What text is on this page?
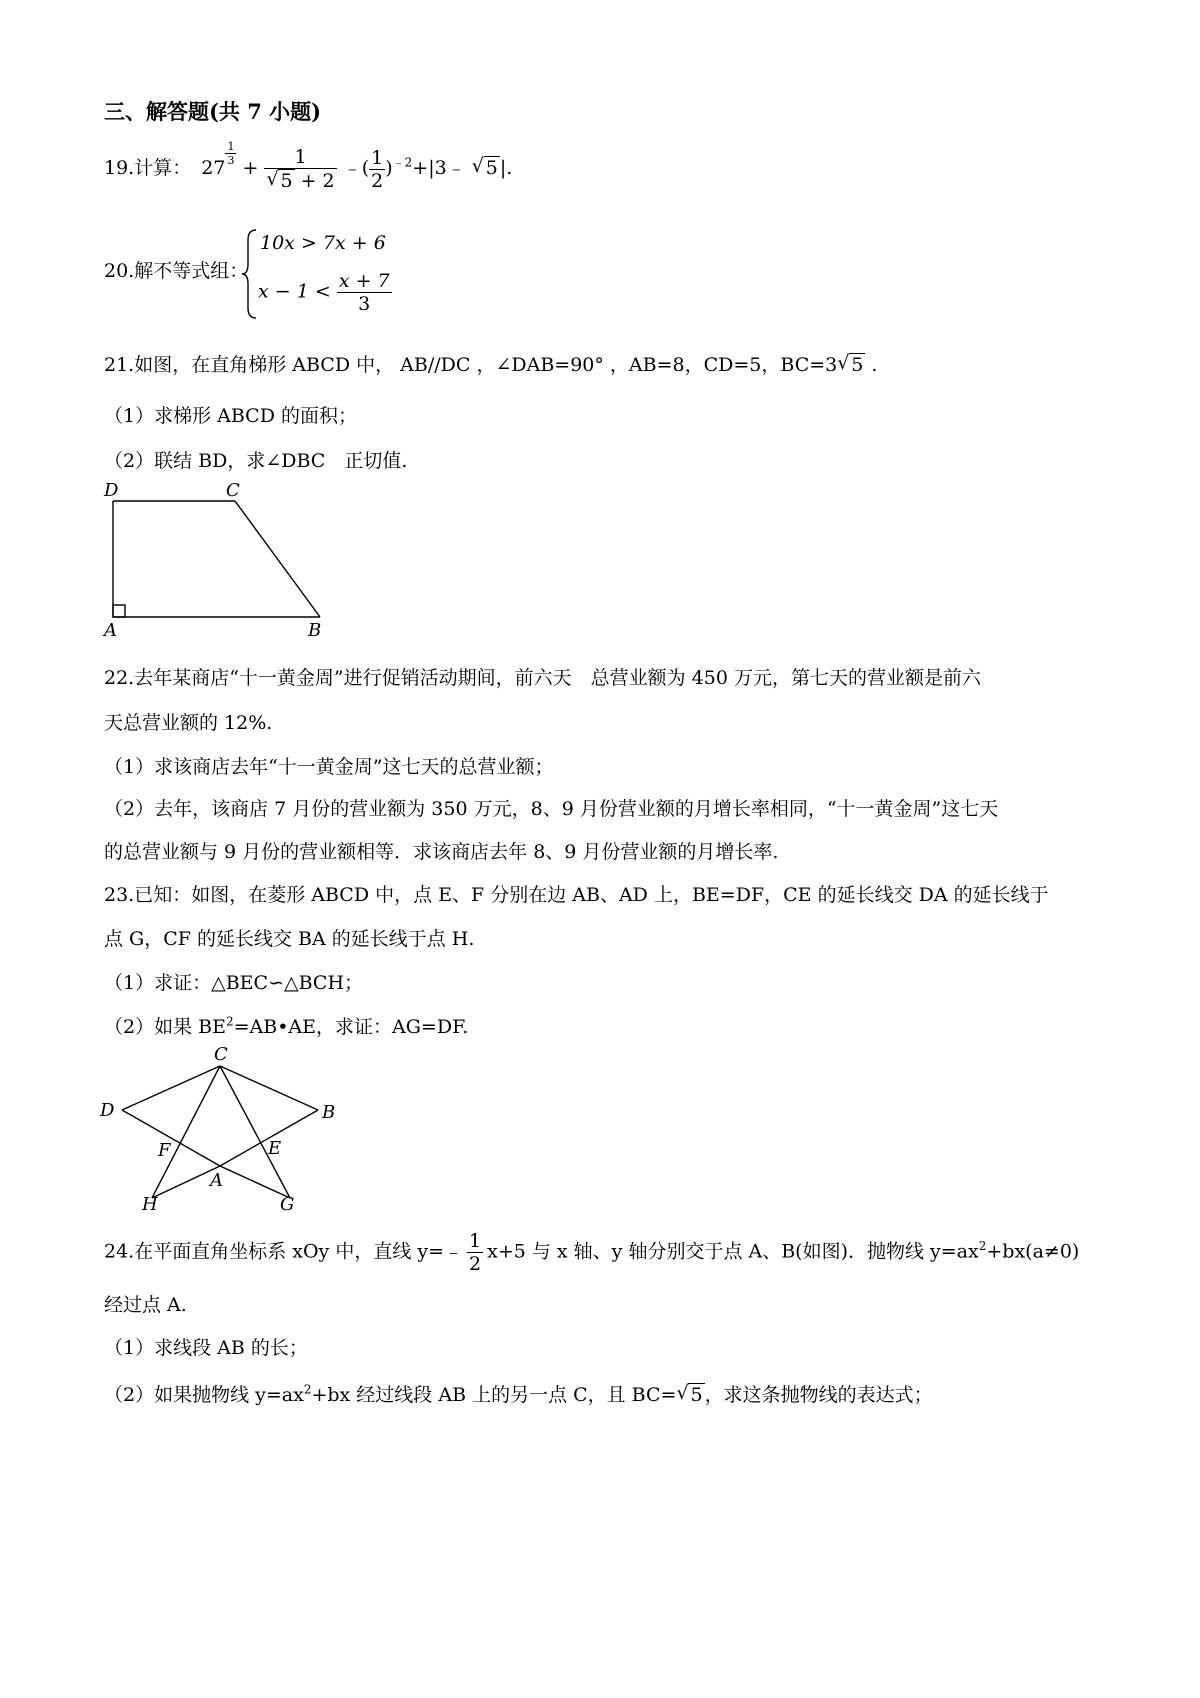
三、解答题(共 7 小题)
19.计算： 27
$\frac{1}{3}$
+ $\frac{1}{√ 5 + 2}$ ﹣( $\frac{1}{2}$ )$^{﹣2}$+|3﹣ √ 5 |.
20.解不等式组：
10x > 7x + 6
$x - 1 < \frac{x + 7}{3}$
21.如图，在直角梯形 ABCD 中， AB//DC ，∠DAB=90° ，AB=8，CD=5，BC=3 √ 5 .
（1）求梯形 ABCD 的面积；
（2）联结 BD，求∠DBC　正切值.
D	C
A	B
22.去年某商店“十一黄金周”进行促销活动期间，前六天　总营业额为 450 万元，第七天的营业额是前六
天总营业额的 12%.
（1）求该商店去年“十一黄金周”这七天的总营业额；
（2）去年，该商店 7 月份的营业额为 350 万元，8、9 月份营业额的月增长率相同，“十一黄金周”这七天
的总营业额与 9 月份的营业额相等．求该商店去年 8、9 月份营业额的月增长率.
23.已知：如图，在菱形 ABCD 中，点 E、F 分别在边 AB、AD 上，BE=DF，CE 的延长线交 DA 的延长线于
点 G，CF 的延长线交 BA 的延长线于点 H.
（1）求证：△BEC∽△BCH；
（2）如果 $BE^2=AB•AE$，求证：AG=DF.
C
D	B
F	E
A
H	G
24.在平面直角坐标系 xOy 中，直线 y=﹣ $\frac{1}{2} x+5$ 与 x 轴、y 轴分别交于点 A、B(如图)．抛物线 $y=ax^2+bx(a\ne 0)$
经过点 A.
（1）求线段 AB 的长；
（2）如果抛物线 $y=ax^2+bx$ 经过线段 AB 上的另一点 C，且 BC= √ 5 ，求这条抛物线的表达式；
